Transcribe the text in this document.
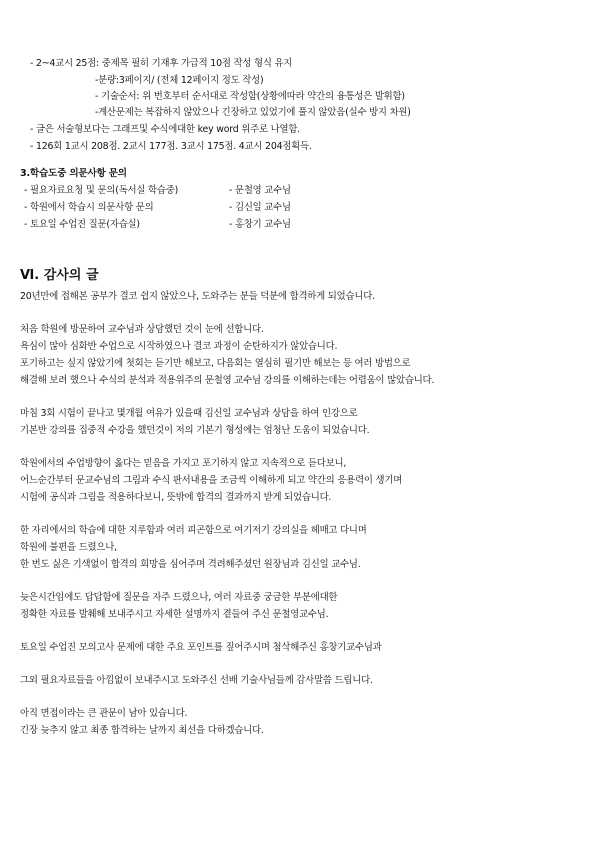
- 2~4교시 25점: 중제목 필히 기재후 가급적 10점 작성 형식 유지
-분량:3페이지/ (전체 12페이지 정도 작성)
- 기술순서: 위 번호부터 순서대로 작성함(상황에따라 약간의 융통성은 발휘함)
-계산문제는 복잡하지 않았으나 긴장하고 있었기에 풀지 않았음(실수 방지 차원)
- 글은 서술형보다는 그래프및 수식에대한 key word 위주로 나열함.
- 126회 1교시 208점. 2교시 177점. 3교시 175점. 4교시 204점획득.
3.학습도중 의문사항 문의
- 필요자료요청 및 문의(독서실 학습중)	- 문철영 교수님
- 학원에서 학습시 의문사항 문의	- 김신일 교수님
- 토요일 수업진 질문(자습실)	- 홍창기 교수님
Ⅵ. 감사의 글
20년만에 접해본 공부가 결코 쉽지 않았으나, 도와주는 분들 덕분에 합격하게 되었습니다.
처음 학원에 방문하여 교수님과 상담했던 것이 눈에 선합니다.
욕심이 많아 심화반 수업으로 시작하였으나 결코 과정이 순탄하지가 않았습니다.
포기하고는 싶지 않았기에 첫회는 듣기만 해보고, 다음회는 열심히 필기만 해보는 등 여러 방법으로
해결해 보려 했으나 수식의 분석과 적용위주의 문철영 교수님 강의를 이해하는데는 어렵움이 많았습니다.
마침 3회 시험이 끝나고 몇개월 여유가 있을때 김신일 교수님과 상담을 하여 인강으로
기본반 강의를 집중적 수강을 했던것이 저의 기본기 형성에는 엄청난 도움이 되었습니다.
학원에서의 수업방향이 옳다는 믿음을 가지고 포기하지 않고 지속적으로 듣다보니,
어느순간부터 문교수님의 그림과 수식 판서내용을 조금씩 이해하게 되고 약간의 응용력이 생기며
시험에 공식과 그림을 적용하다보니, 뜻밖에 합격의 결과까지 받게 되었습니다.
한 자리에서의 학습에 대한 지루함과 여러 피곤함으로 여기저기 강의실을 헤매고 다니며
학원에 불편을 드렸으나,
한 번도 싫은 기색없이 합격의 희망을 심어주며 격려해주셨던 원장님과 김신일 교수님.
늦은시간임에도 답답함에 질문을 자주 드렸으나, 여러 자료중 궁금한 부분에대한
정확한 자료를 발췌해 보내주시고 자세한 설명까지 곁들여 주신 문철영교수님.
토요일 수업진 모의고사 문제에 대한 주요 포인트를 짚어주시며 첨삭해주신 홍창기교수님과
그외 필요자료들을 아낌없이 보내주시고 도와주신 선배 기술사님들께 감사말씀 드립니다.
아직 면접이라는 큰 관문이 남아 있습니다.
긴장 늦추지 않고 최종 합격하는 날까지 최선을 다하겠습니다.
